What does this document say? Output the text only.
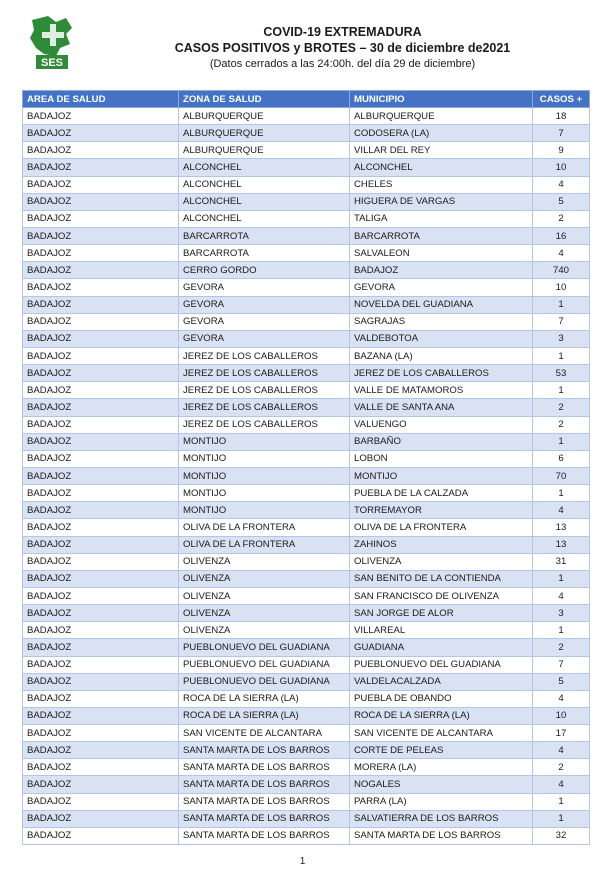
SES
COVID-19 EXTREMADURA
CASOS POSITIVOS y BROTES – 30 de diciembre de2021
(Datos cerrados a las 24:00h. del día 29 de diciembre)
AREA DE SALUD	ZONA DE SALUD	MUNICIPIO	CASOS +
BADAJOZ	ALBURQUERQUE	ALBURQUERQUE	18
BADAJOZ	ALBURQUERQUE	CODOSERA (LA)	7
BADAJOZ	ALBURQUERQUE	VILLAR DEL REY	9
BADAJOZ	ALCONCHEL	ALCONCHEL	10
BADAJOZ	ALCONCHEL	CHELES	4
BADAJOZ	ALCONCHEL	HIGUERA DE VARGAS	5
BADAJOZ	ALCONCHEL	TALIGA	2
BADAJOZ	BARCARROTA	BARCARROTA	16
BADAJOZ	BARCARROTA	SALVALEON	4
BADAJOZ	CERRO GORDO	BADAJOZ	740
BADAJOZ	GEVORA	GEVORA	10
BADAJOZ	GEVORA	NOVELDA DEL GUADIANA	1
BADAJOZ	GEVORA	SAGRAJAS	7
BADAJOZ	GEVORA	VALDEBOTOA	3
BADAJOZ	JEREZ DE LOS CABALLEROS	BAZANA (LA)	1
BADAJOZ	JEREZ DE LOS CABALLEROS	JEREZ DE LOS CABALLEROS	53
BADAJOZ	JEREZ DE LOS CABALLEROS	VALLE DE MATAMOROS	1
BADAJOZ	JEREZ DE LOS CABALLEROS	VALLE DE SANTA ANA	2
BADAJOZ	JEREZ DE LOS CABALLEROS	VALUENGO	2
BADAJOZ	MONTIJO	BARBAÑO	1
BADAJOZ	MONTIJO	LOBON	6
BADAJOZ	MONTIJO	MONTIJO	70
BADAJOZ	MONTIJO	PUEBLA DE LA CALZADA	1
BADAJOZ	MONTIJO	TORREMAYOR	4
BADAJOZ	OLIVA DE LA FRONTERA	OLIVA DE LA FRONTERA	13
BADAJOZ	OLIVA DE LA FRONTERA	ZAHINOS	13
BADAJOZ	OLIVENZA	OLIVENZA	31
BADAJOZ	OLIVENZA	SAN BENITO DE LA CONTIENDA	1
BADAJOZ	OLIVENZA	SAN FRANCISCO DE OLIVENZA	4
BADAJOZ	OLIVENZA	SAN JORGE DE ALOR	3
BADAJOZ	OLIVENZA	VILLAREAL	1
BADAJOZ	PUEBLONUEVO DEL GUADIANA	GUADIANA	2
BADAJOZ	PUEBLONUEVO DEL GUADIANA	PUEBLONUEVO DEL GUADIANA	7
BADAJOZ	PUEBLONUEVO DEL GUADIANA	VALDELACALZADA	5
BADAJOZ	ROCA DE LA SIERRA (LA)	PUEBLA DE OBANDO	4
BADAJOZ	ROCA DE LA SIERRA (LA)	ROCA DE LA SIERRA (LA)	10
BADAJOZ	SAN VICENTE DE ALCANTARA	SAN VICENTE DE ALCANTARA	17
BADAJOZ	SANTA MARTA DE LOS BARROS	CORTE DE PELEAS	4
BADAJOZ	SANTA MARTA DE LOS BARROS	MORERA (LA)	2
BADAJOZ	SANTA MARTA DE LOS BARROS	NOGALES	4
BADAJOZ	SANTA MARTA DE LOS BARROS	PARRA (LA)	1
BADAJOZ	SANTA MARTA DE LOS BARROS	SALVATIERRA DE LOS BARROS	1
BADAJOZ	SANTA MARTA DE LOS BARROS	SANTA MARTA DE LOS BARROS	32
1
